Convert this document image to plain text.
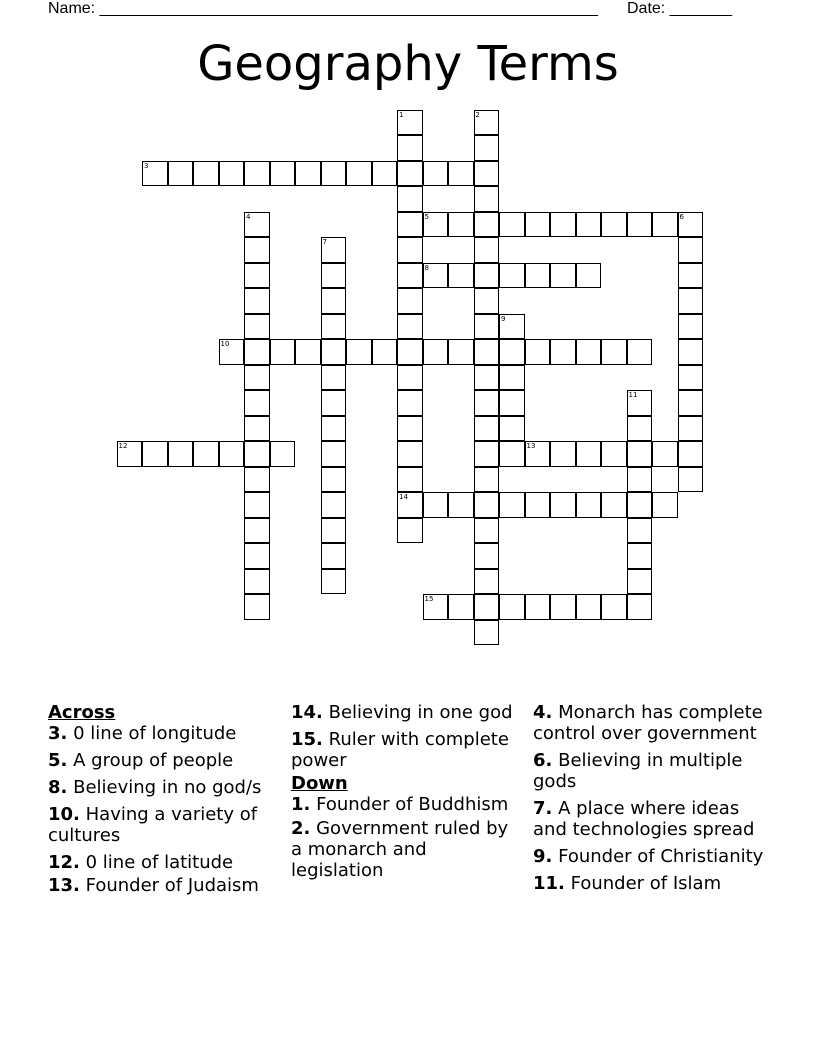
Name: ________________________________________________________ Date: _______
Geography Terms
1
14
2
3
4	5	6
7
8
9
10
11
12	13
15
Across
3. 0 line of longitude
5. A group of people
8. Believing in no god/s
10. Having a variety of cultures
12. 0 line of latitude
13. Founder of Judaism
14. Believing in one god
15. Ruler with complete power
Down
1. Founder of Buddhism
2. Government ruled by a monarch and legislation
4. Monarch has complete control over government
6. Believing in multiple gods
7. A place where ideas and technologies spread
9. Founder of Christianity
11. Founder of Islam
